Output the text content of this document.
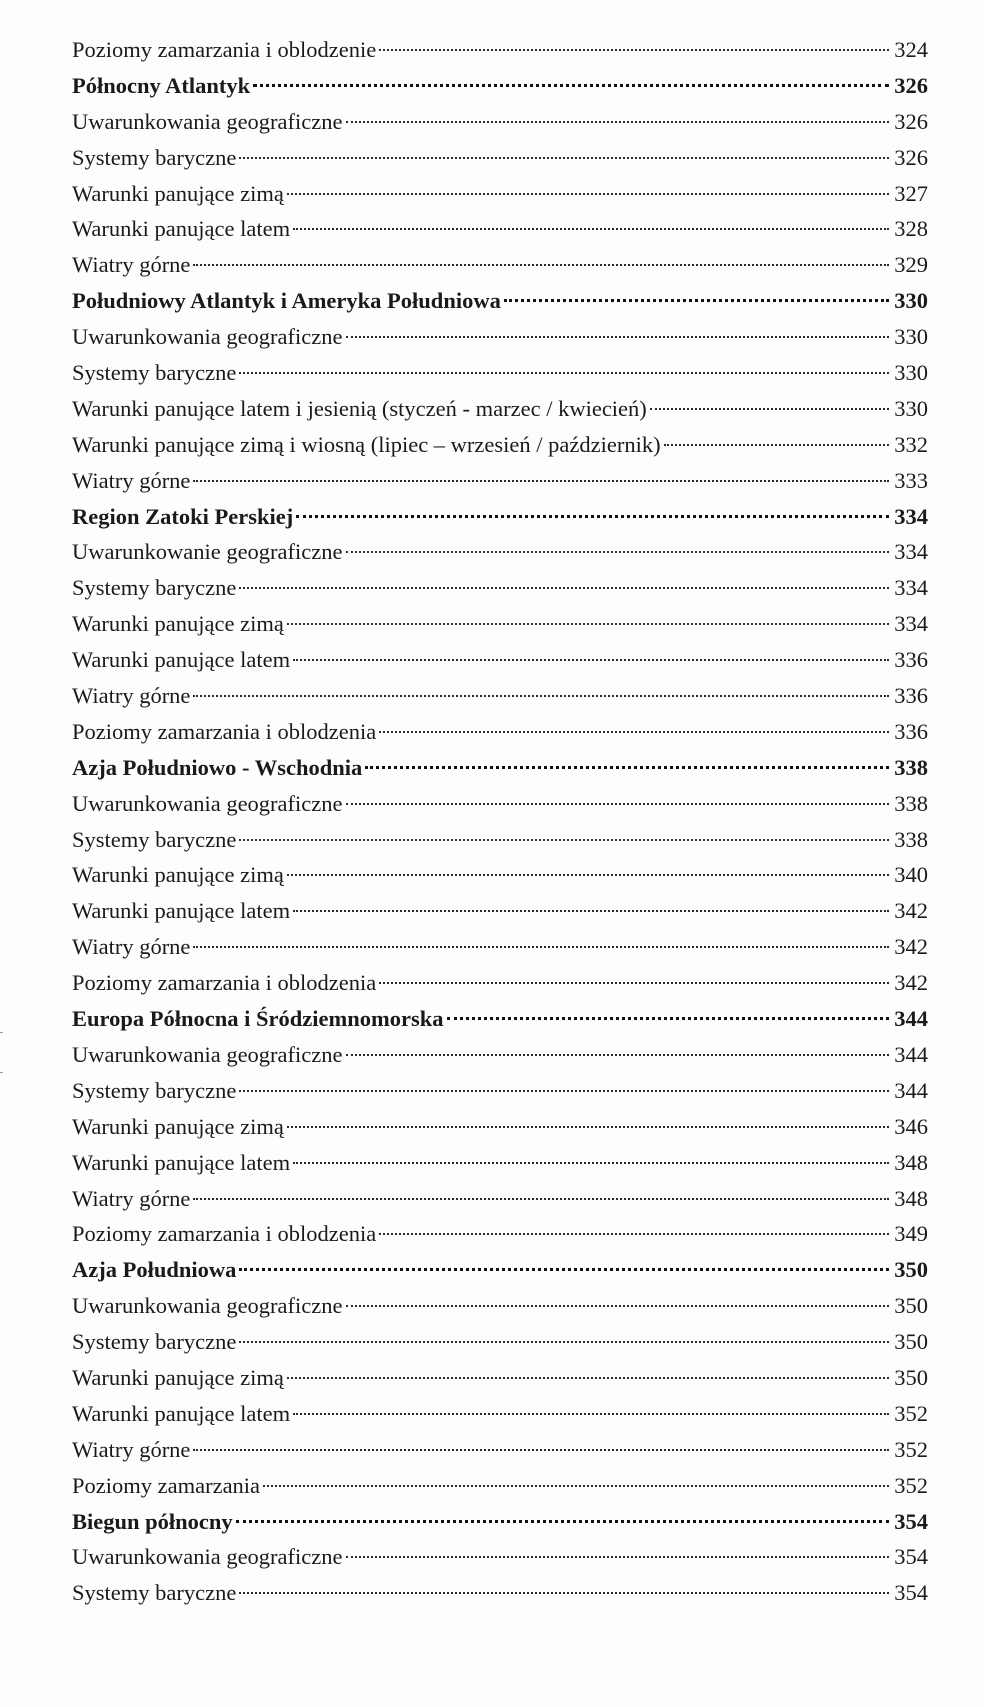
Poziomy zamarzania i oblodzenie	324
Północny Atlantyk	326
Uwarunkowania geograficzne	326
Systemy baryczne	326
Warunki panujące zimą	327
Warunki panujące latem	328
Wiatry górne	329
Południowy Atlantyk i Ameryka Południowa	330
Uwarunkowania geograficzne	330
Systemy baryczne	330
Warunki panujące latem i jesienią (styczeń - marzec / kwiecień)	330
Warunki panujące zimą i wiosną (lipiec – wrzesień / październik)	332
Wiatry górne	333
Region Zatoki Perskiej	334
Uwarunkowanie geograficzne	334
Systemy baryczne	334
Warunki panujące zimą	334
Warunki panujące latem	336
Wiatry górne	336
Poziomy zamarzania i oblodzenia	336
Azja Południowo - Wschodnia	338
Uwarunkowania geograficzne	338
Systemy baryczne	338
Warunki panujące zimą	340
Warunki panujące latem	342
Wiatry górne	342
Poziomy zamarzania i oblodzenia	342
Europa Północna i Śródziemnomorska	344
Uwarunkowania geograficzne	344
Systemy baryczne	344
Warunki panujące zimą	346
Warunki panujące latem	348
Wiatry górne	348
Poziomy zamarzania i oblodzenia	349
Azja Południowa	350
Uwarunkowania geograficzne	350
Systemy baryczne	350
Warunki panujące zimą	350
Warunki panujące latem	352
Wiatry górne	352
Poziomy zamarzania	352
Biegun północny	354
Uwarunkowania geograficzne	354
Systemy baryczne	354
